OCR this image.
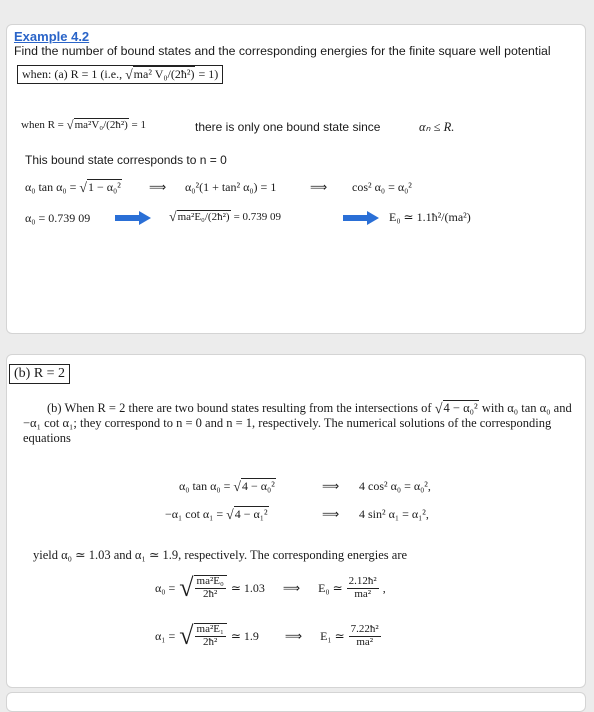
Example 4.2
Find the number of bound states and the corresponding energies for the finite square well potential
when: (a) R = 1 (i.e., √ma² V₀/(2ħ²) = 1)
when R = √ma²V₀/(2ħ²) = 1	there is only one bound state since	αₙ ≤ R.
This bound state corresponds to n = 0
α₀ tan α₀ = √1 − α₀² ⟹ α₀²(1 + tan² α₀) = 1	⟹ cos² α₀ = α₀²
α₀ = 0.739 09	√ma²E₀/(2ħ²) = 0.739 09	E₀ ≃ 1.1ħ²/(ma²)
(b) R = 2
(b) When R = 2 there are two bound states resulting from the intersections of √4 − α₀² with α₀ tan α₀ and −α₁ cot α₁; they correspond to n = 0 and n = 1, respectively. The numerical solutions of the corresponding equations
α₀ tan α₀ = √4 − α₀²	⟹ 4 cos² α₀ = α₀²,
−α₁ cot α₁ = √4 − α₁²	⟹ 4 sin² α₁ = α₁²,
yield α₀ ≃ 1.03 and α₁ ≃ 1.9, respectively. The corresponding energies are
α₀ = √ $\frac{\text{ma²E₀}}{\text{2ħ²}}$ ≃ 1.03 ⟹ E₀ ≃ $\frac{\text{2.12ħ²}}{\text{ma²}}$ ,
α₁ = √ $\frac{\text{ma²E₁}}{\text{2ħ²}}$ ≃ 1.9 ⟹ E₁ ≃ $\frac{\text{7.22ħ²}}{\text{ma²}}$
